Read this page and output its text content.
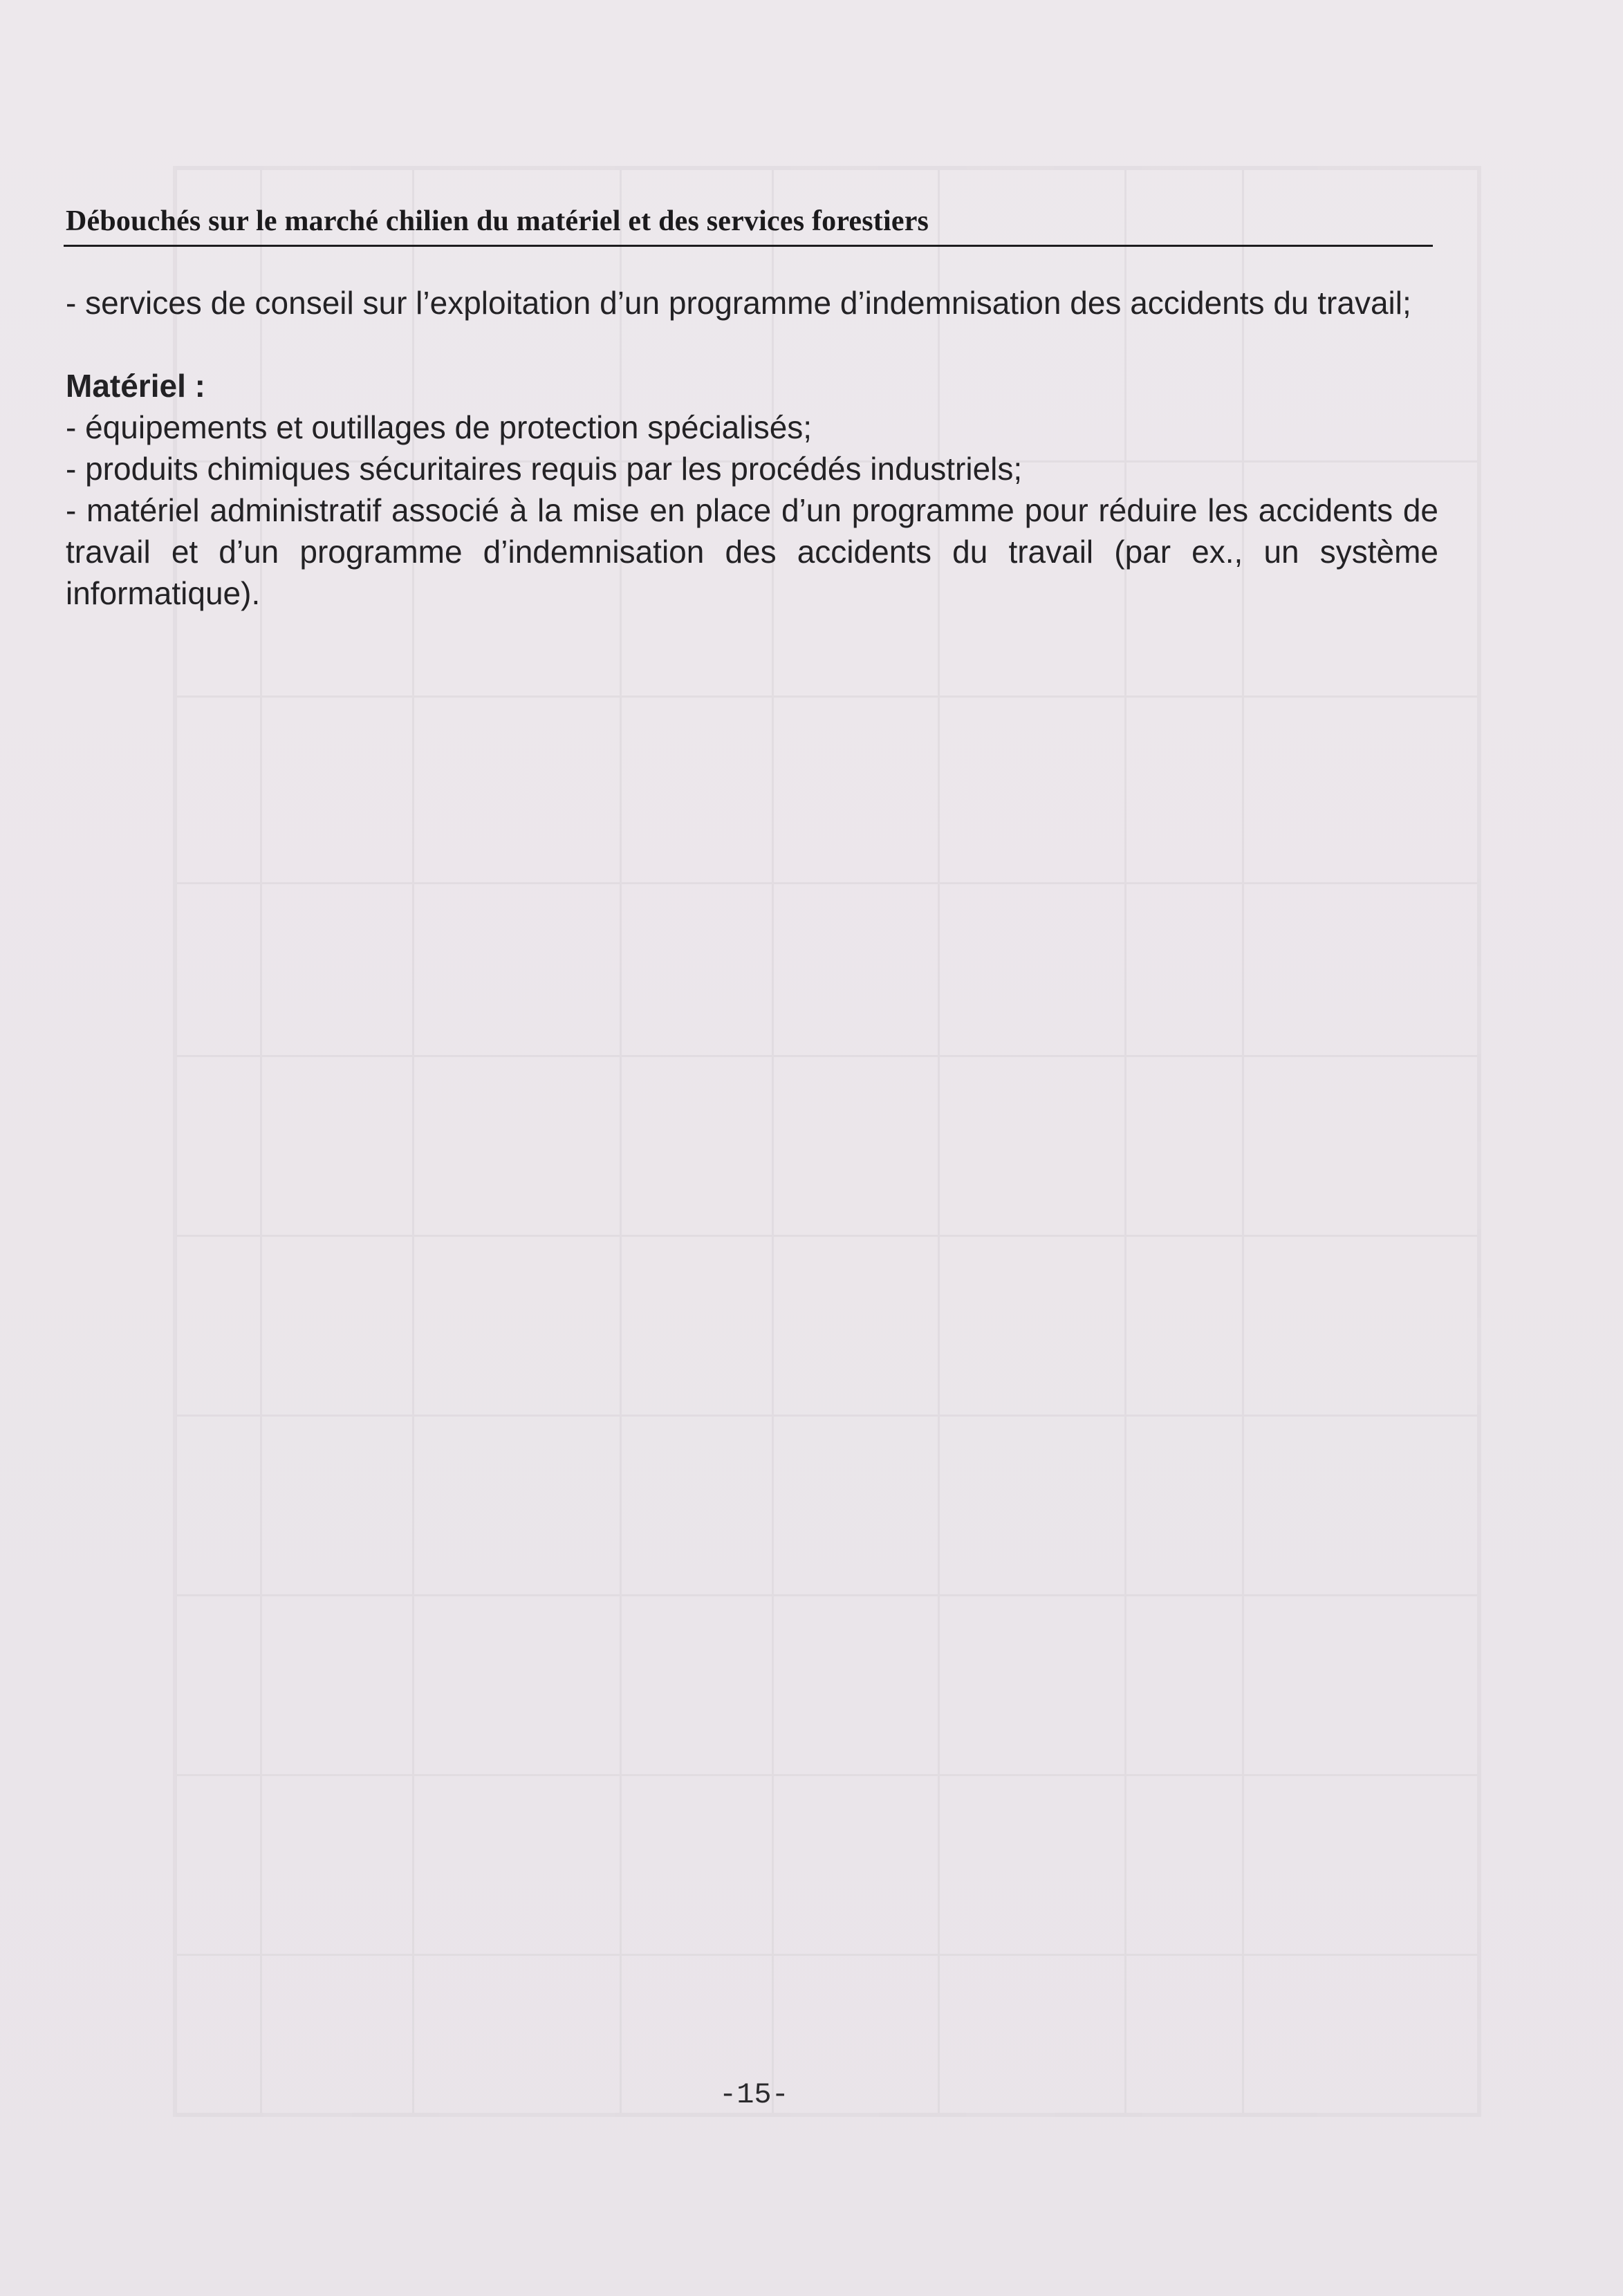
Débouchés sur le marché chilien du matériel et des services forestiers

- services de conseil sur l’exploitation d’un programme d’indemnisation des accidents du travail;

Matériel :

- équipements et outillages de protection spécialisés;

- produits chimiques sécuritaires requis par les procédés industriels;

- matériel administratif associé à la mise en place d’un programme pour réduire les accidents de travail et d’un programme d’indemnisation des accidents du travail (par ex., un système informatique).

-15-
